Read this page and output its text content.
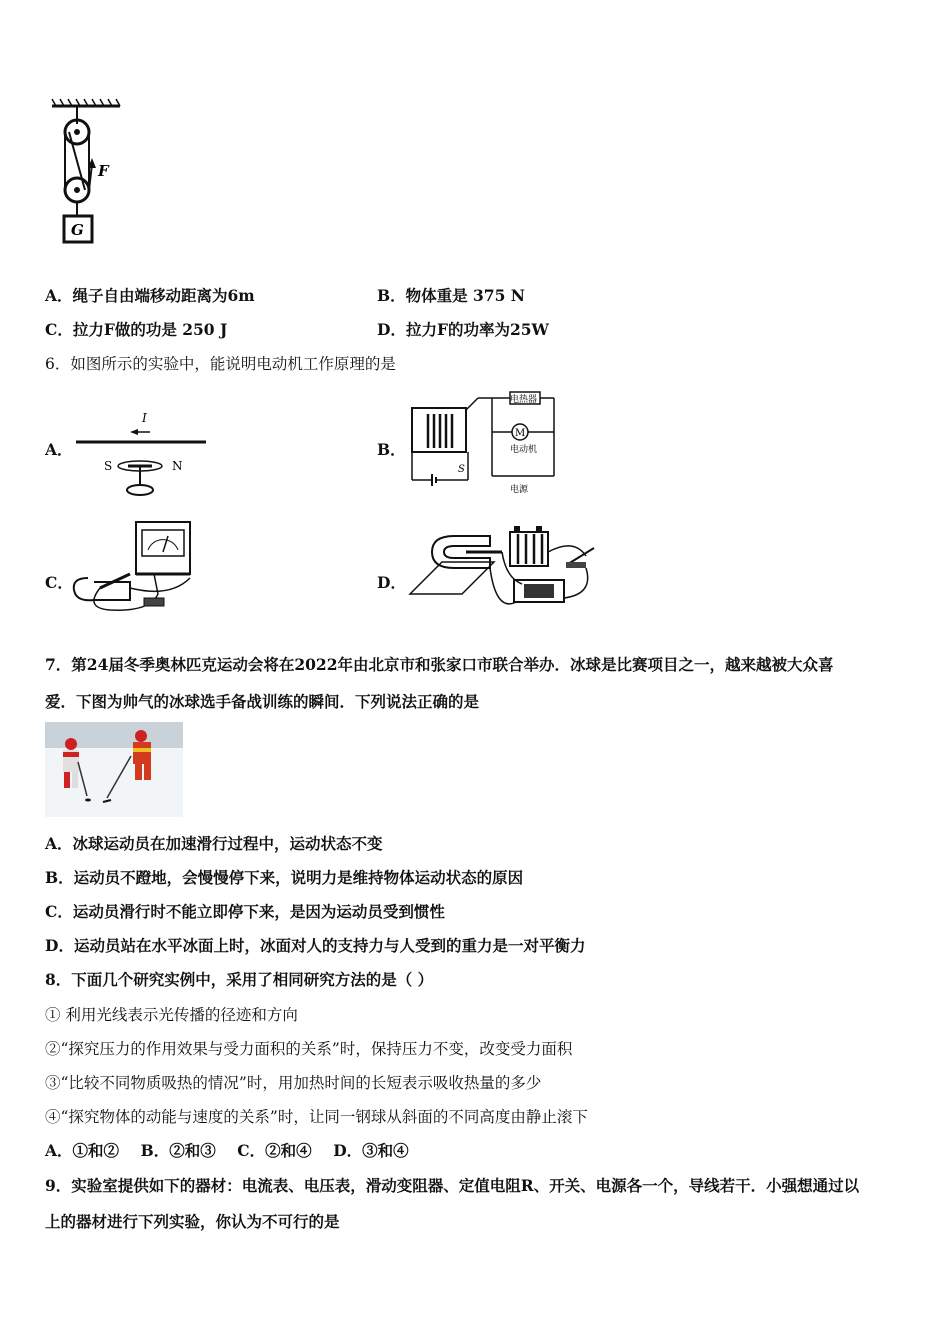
F
G
A．绳子自由端移动距离为6m	B．物体重是 375 N
C．拉力F做的功是 250 J	D．拉力F的功率为25W
6．如图所示的实验中，能说明电动机工作原理的是
A．
I
S	N
B．
电热器
M
电动机
电源
S
C．	D．
7．第24届冬季奥林匹克运动会将在2022年由北京市和张家口市联合举办．冰球是比赛项目之一，越来越被大众喜
爱．下图为帅气的冰球选手备战训练的瞬间．下列说法正确的是
A．冰球运动员在加速滑行过程中，运动状态不变
B．运动员不蹬地，会慢慢停下来，说明力是维持物体运动状态的原因
C．运动员滑行时不能立即停下来，是因为运动员受到惯性
D．运动员站在水平冰面上时，冰面对人的支持力与人受到的重力是一对平衡力
8．下面几个研究实例中，采用了相同研究方法的是（ ）
① 利用光线表示光传播的径迹和方向
②“探究压力的作用效果与受力面积的关系”时，保持压力不变，改变受力面积
③“比较不同物质吸热的情况”时，用加热时间的长短表示吸收热量的多少
④“探究物体的动能与速度的关系”时，让同一钢球从斜面的不同高度由静止滚下
A．①和②    B．②和③    C．②和④    D．③和④
9．实验室提供如下的器材：电流表、电压表，滑动变阻器、定值电阻R、开关、电源各一个，导线若干．小强想通过以
上的器材进行下列实验，你认为不可行的是
